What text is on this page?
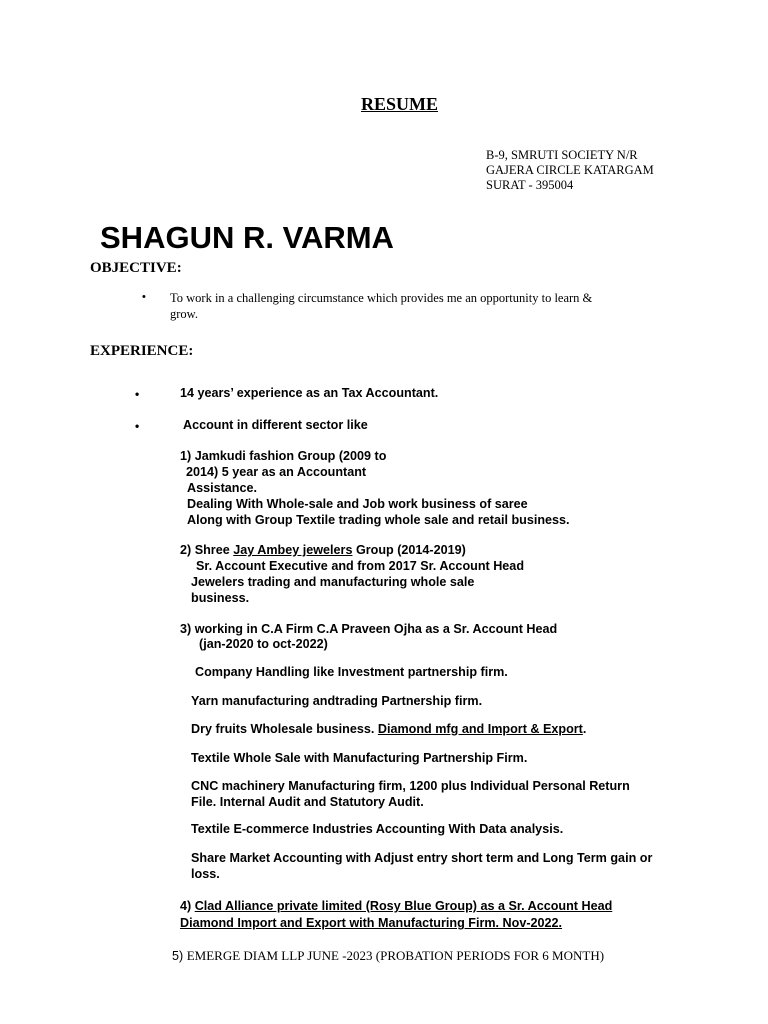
RESUME
B-9, SMRUTI SOCIETY N/R
GAJERA CIRCLE KATARGAM
SURAT - 395004
SHAGUN R. VARMA
OBJECTIVE:
• To work in a challenging circumstance which provides me an opportunity to learn &
grow.
EXPERIENCE:
•	14 years’ experience as an Tax Accountant.
•	Account in different sector like
1) Jamkudi fashion Group (2009 to
2014) 5 year as an Accountant
Assistance.
Dealing With Whole-sale and Job work business of saree
Along with Group Textile trading whole sale and retail business.
2) Shree Jay Ambey jewelers Group (2014-2019)
Sr. Account Executive and from 2017 Sr. Account Head
Jewelers trading and manufacturing whole sale
business.
3) working in C.A Firm C.A Praveen Ojha as a Sr. Account Head
(jan-2020 to oct-2022)
Company Handling like Investment partnership firm.
Yarn manufacturing andtrading Partnership firm.
Dry fruits Wholesale business. Diamond mfg and Import & Export.
Textile Whole Sale with Manufacturing Partnership Firm.
CNC machinery Manufacturing firm, 1200 plus Individual Personal Return
File. Internal Audit and Statutory Audit.
Textile E-commerce Industries Accounting With Data analysis.
Share Market Accounting with Adjust entry short term and Long Term gain or
loss.
4) Clad Alliance private limited (Rosy Blue Group) as a Sr. Account Head
Diamond Import and Export with Manufacturing Firm. Nov-2022.
5) EMERGE DIAM LLP JUNE -2023 (PROBATION PERIODS FOR 6 MONTH)
